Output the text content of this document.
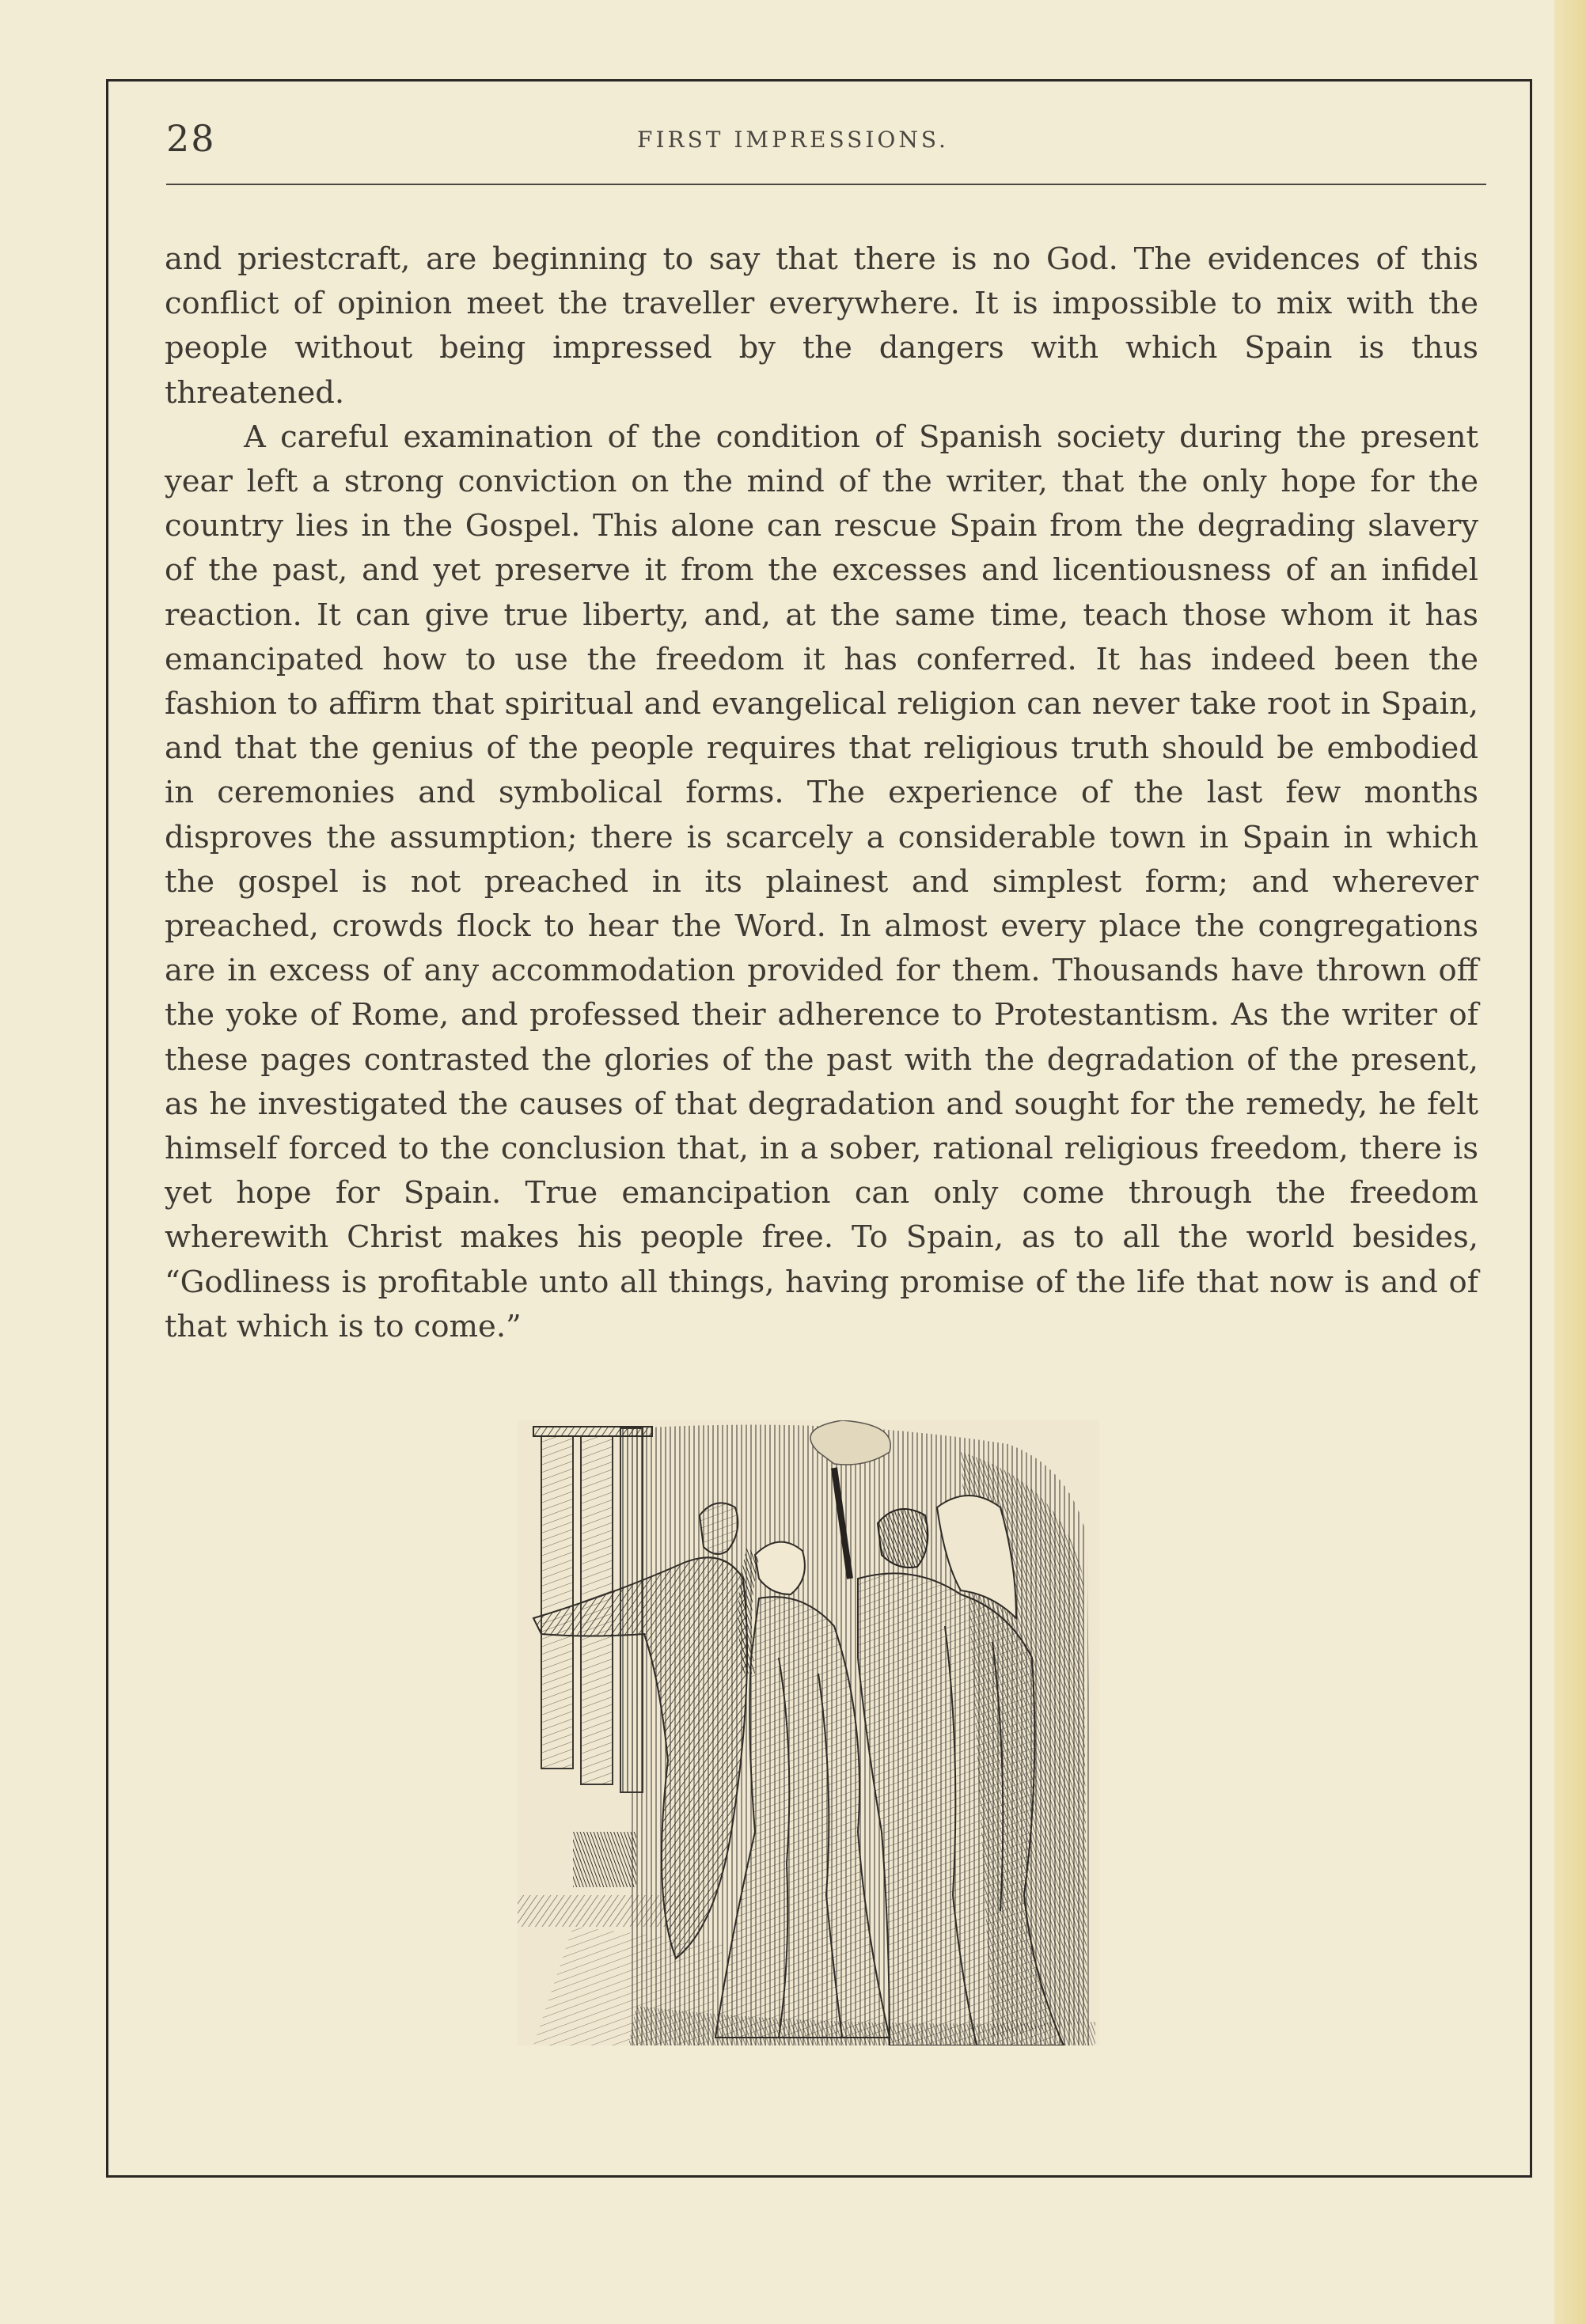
28	FIRST IMPRESSIONS.

and priestcraft, are beginning to say that there is no God. The evidences of this conflict of opinion meet the traveller everywhere. It is impossible to mix with the people without being impressed by the dangers with which Spain is thus threatened.

A careful examination of the condition of Spanish society during the present year left a strong conviction on the mind of the writer, that the only hope for the country lies in the Gospel. This alone can rescue Spain from the degrading slavery of the past, and yet preserve it from the excesses and licentiousness of an infidel reaction. It can give true liberty, and, at the same time, teach those whom it has emancipated how to use the freedom it has conferred. It has indeed been the fashion to affirm that spiritual and evangelical religion can never take root in Spain, and that the genius of the people requires that religious truth should be embodied in ceremonies and symbolical forms. The experience of the last few months disproves the assumption; there is scarcely a considerable town in Spain in which the gospel is not preached in its plainest and simplest form; and wherever preached, crowds flock to hear the Word. In almost every place the congregations are in excess of any accommodation provided for them. Thousands have thrown off the yoke of Rome, and professed their adherence to Protestantism. As the writer of these pages contrasted the glories of the past with the degradation of the present, as he investigated the causes of that degradation and sought for the remedy, he felt himself forced to the conclusion that, in a sober, rational religious freedom, there is yet hope for Spain. True emancipation can only come through the freedom wherewith Christ makes his people free. To Spain, as to all the world besides, “Godliness is profitable unto all things, having promise of the life that now is and of that which is to come.”
